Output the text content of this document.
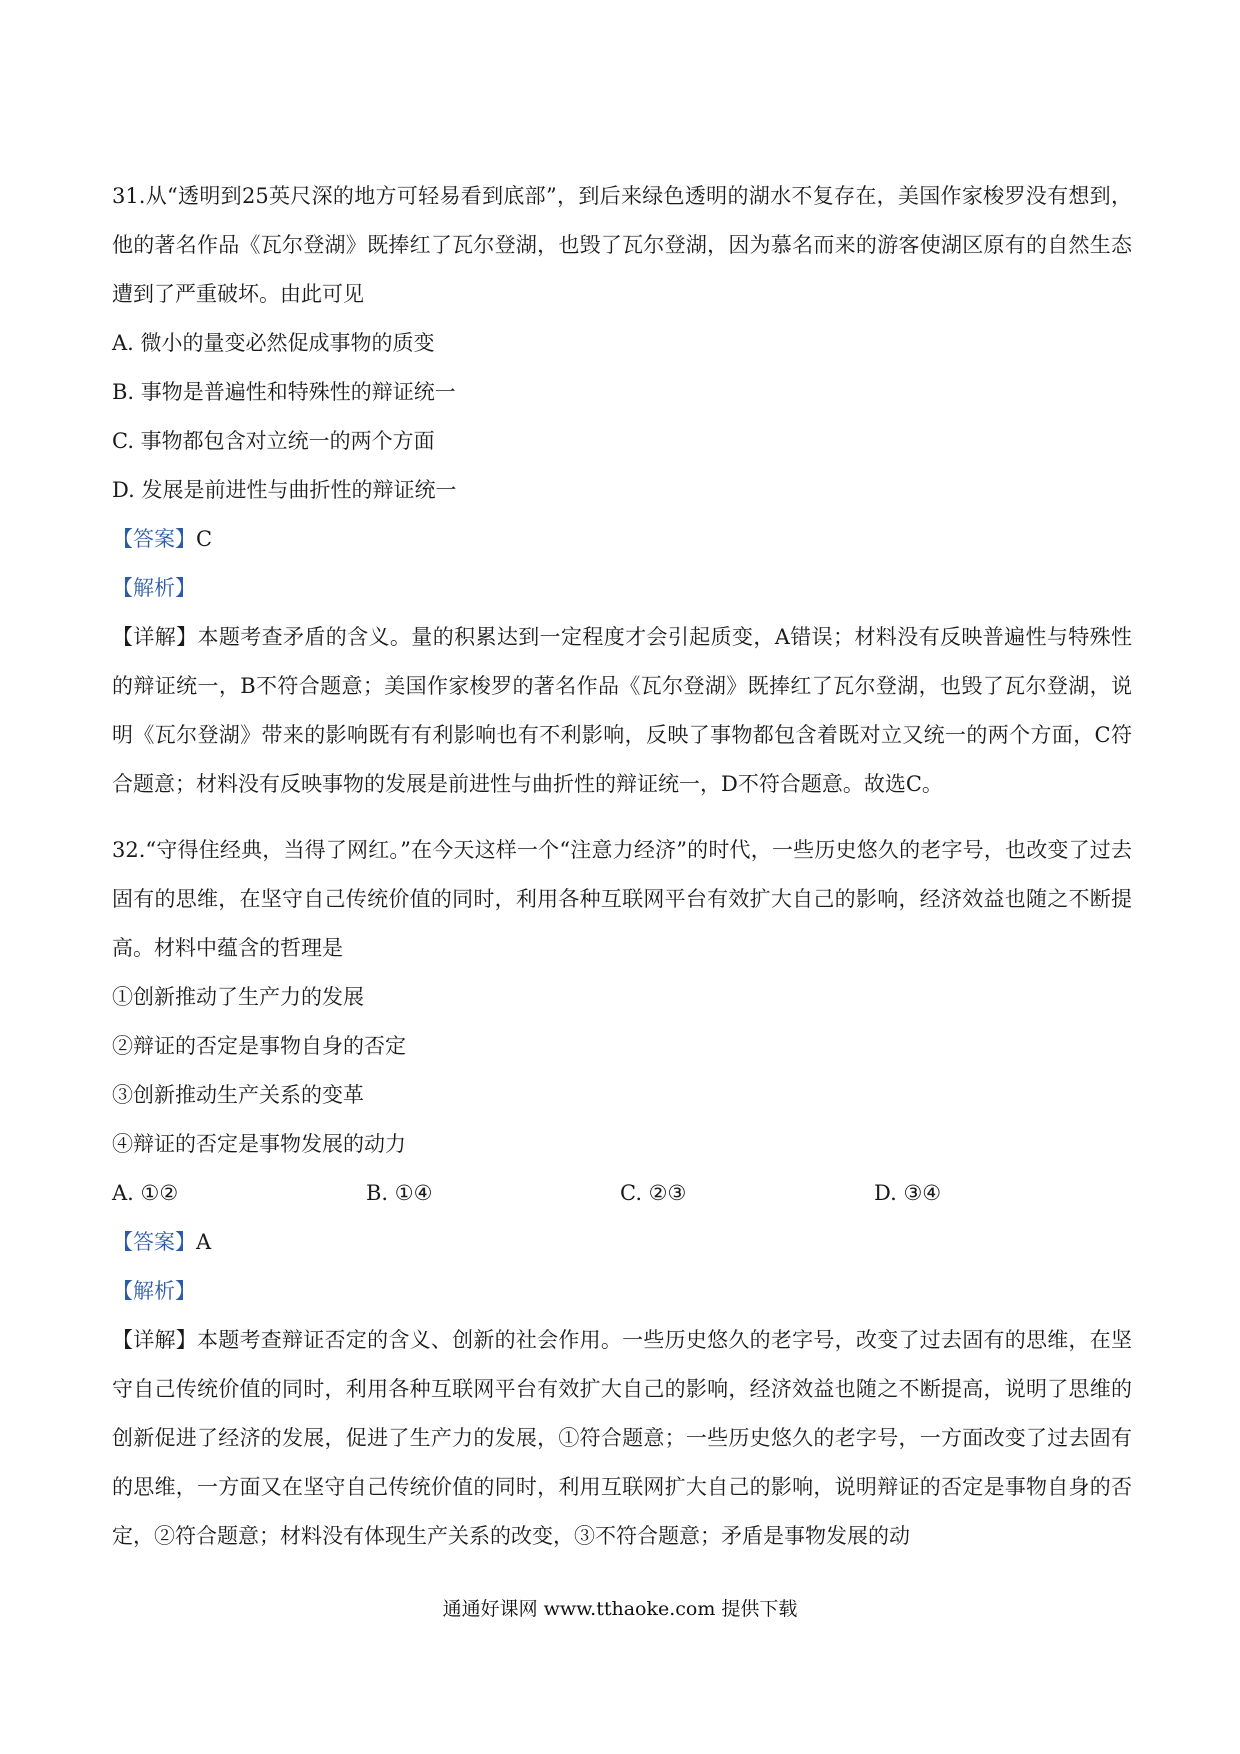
31.从“透明到25英尺深的地方可轻易看到底部”，到后来绿色透明的湖水不复存在，美国作家梭罗没有想到，他的著名作品《瓦尔登湖》既捧红了瓦尔登湖，也毁了瓦尔登湖，因为慕名而来的游客使湖区原有的自然生态遭到了严重破坏。由此可见

A. 微小的量变必然促成事物的质变

B. 事物是普遍性和特殊性的辩证统一

C. 事物都包含对立统一的两个方面

D. 发展是前进性与曲折性的辩证统一

【答案】C

【解析】

【详解】本题考查矛盾的含义。量的积累达到一定程度才会引起质变，A错误；材料没有反映普遍性与特殊性的辩证统一，B不符合题意；美国作家梭罗的著名作品《瓦尔登湖》既捧红了瓦尔登湖，也毁了瓦尔登湖，说明《瓦尔登湖》带来的影响既有有利影响也有不利影响，反映了事物都包含着既对立又统一的两个方面，C符合题意；材料没有反映事物的发展是前进性与曲折性的辩证统一，D不符合题意。故选C。

32.“守得住经典，当得了网红。”在今天这样一个“注意力经济”的时代，一些历史悠久的老字号，也改变了过去固有的思维，在坚守自己传统价值的同时，利用各种互联网平台有效扩大自己的影响，经济效益也随之不断提高。材料中蕴含的哲理是

①创新推动了生产力的发展

②辩证的否定是事物自身的否定

③创新推动生产关系的变革

④辩证的否定是事物发展的动力

A. ①②	B. ①④	C. ②③	D. ③④

【答案】A

【解析】

【详解】本题考查辩证否定的含义、创新的社会作用。一些历史悠久的老字号，改变了过去固有的思维，在坚守自己传统价值的同时，利用各种互联网平台有效扩大自己的影响，经济效益也随之不断提高，说明了思维的创新促进了经济的发展，促进了生产力的发展，①符合题意；一些历史悠久的老字号，一方面改变了过去固有的思维，一方面又在坚守自己传统价值的同时，利用互联网扩大自己的影响，说明辩证的否定是事物自身的否定，②符合题意；材料没有体现生产关系的改变，③不符合题意；矛盾是事物发展的动

通通好课网 www.tthaoke.com 提供下载
